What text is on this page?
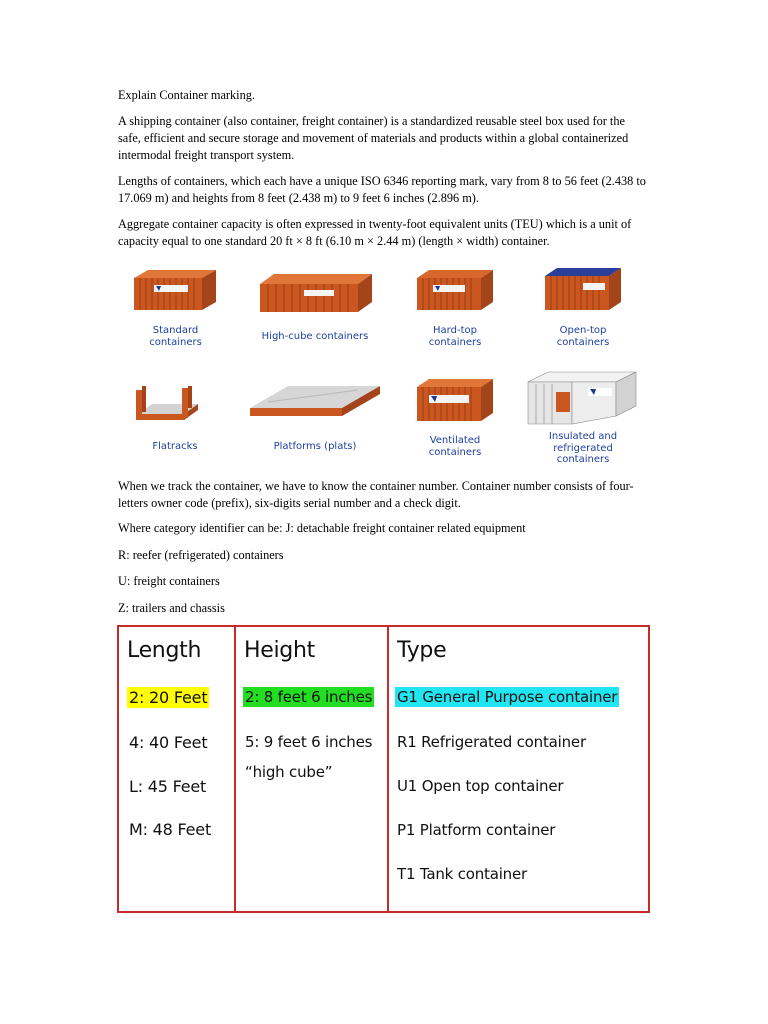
Explain Container marking.

A shipping container (also container, freight container) is a standardized reusable steel box used for the safe, efficient and secure storage and movement of materials and products within a global containerized intermodal freight transport system.

Lengths of containers, which each have a unique ISO 6346 reporting mark, vary from 8 to 56 feet (2.438 to 17.069 m) and heights from 8 feet (2.438 m) to 9 feet 6 inches (2.896 m).

Aggregate container capacity is often expressed in twenty-foot equivalent units (TEU) which is a unit of capacity equal to one standard 20 ft × 8 ft (6.10 m × 2.44 m) (length × width) container.

Standard
containers	High-cube containers
Hard-top
containers
Open-top
containers
Flatracks	Platforms (plats)
Ventilated
containers
Insulated and
refrigerated
containers

When we track the container, we have to know the container number. Container number consists of four-letters owner code (prefix), six-digits serial number and a check digit.

Where category identifier can be: J: detachable freight container related equipment

R: reefer (refrigerated) containers

U: freight containers

Z: trailers and chassis

Length
2: 20 Feet
4: 40 Feet
L: 45 Feet
M: 48 Feet
Height
2: 8 feet 6 inches
5: 9 feet 6 inches
“high cube”
Type
G1 General Purpose container
R1 Refrigerated container
U1 Open top container
P1 Platform container
T1 Tank container
